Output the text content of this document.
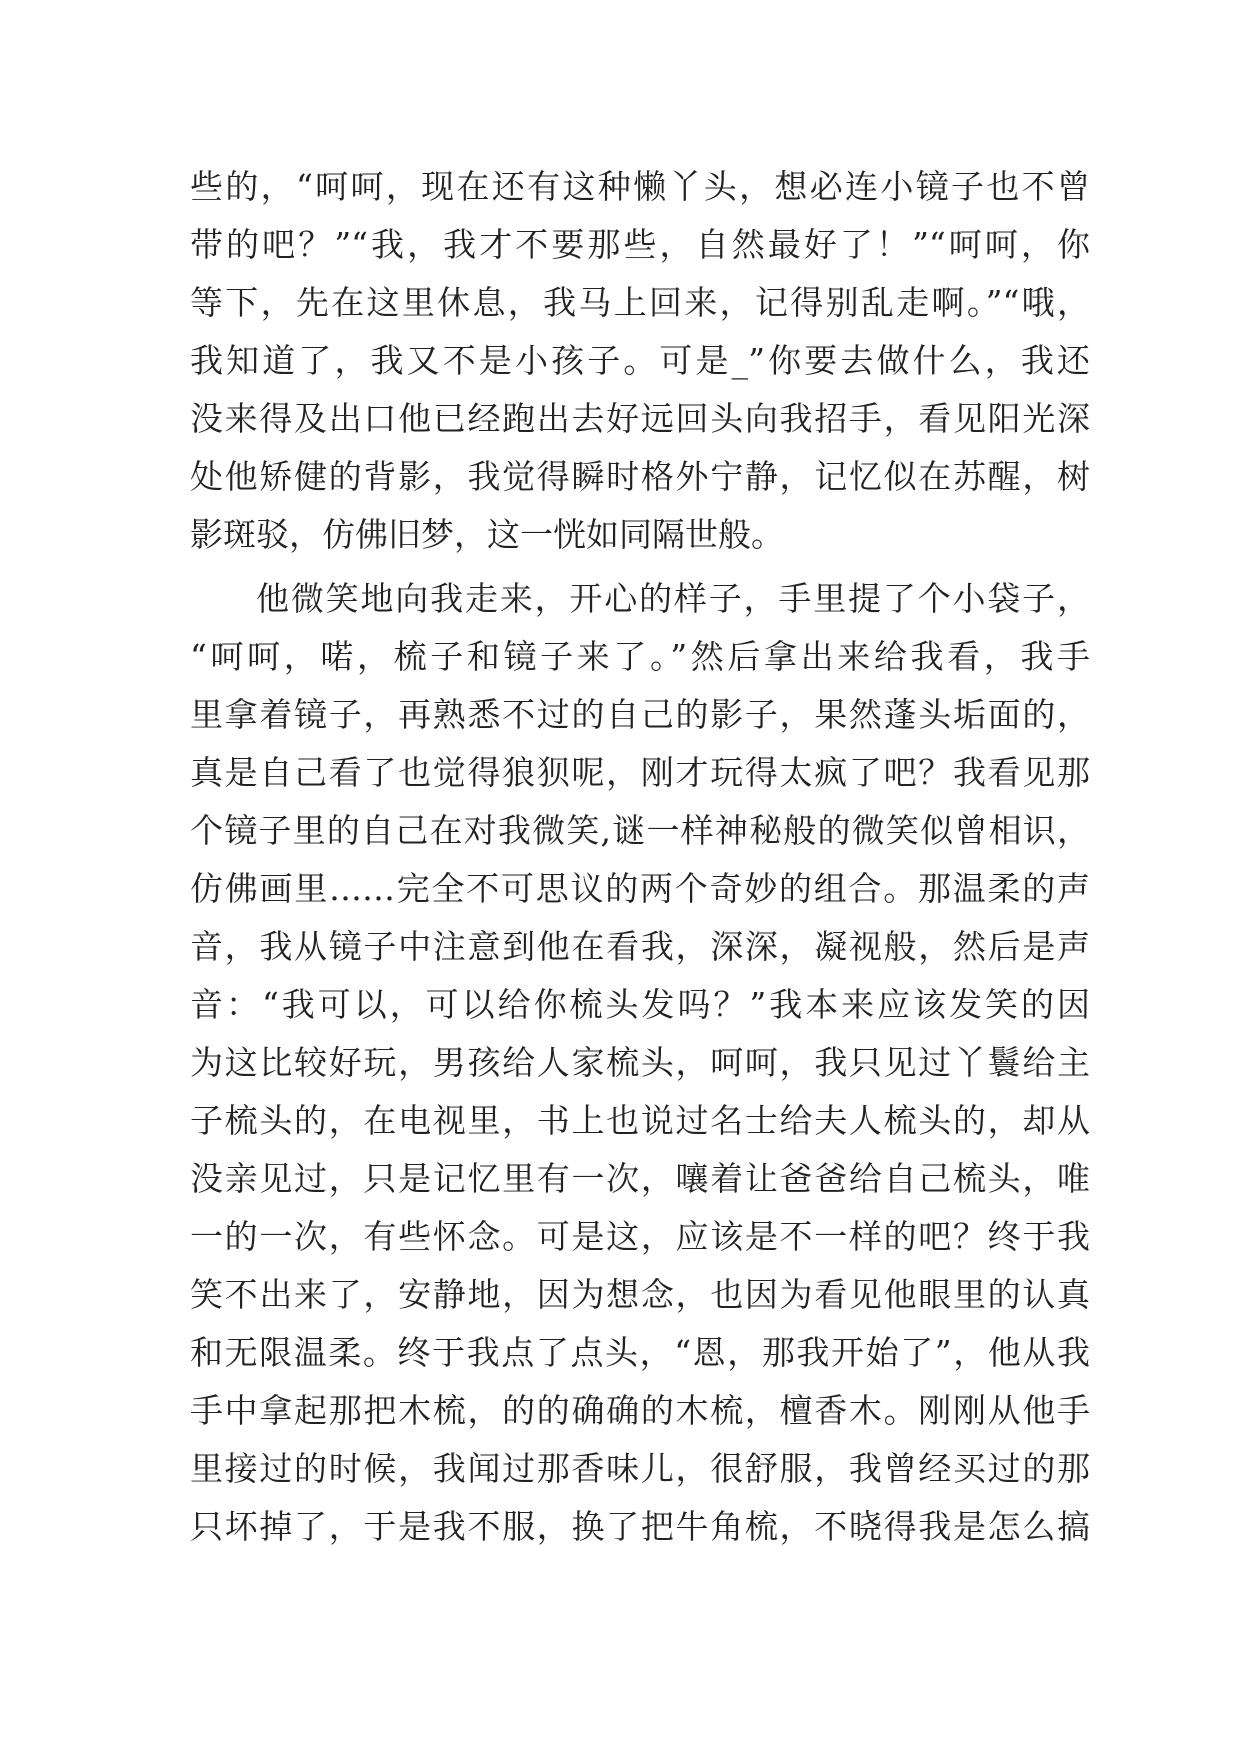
些的，“呵呵，现在还有这种懒丫头，想必连小镜子也不曾
带的吧？”“我，我才不要那些，自然最好了！”“呵呵，你
等下，先在这里休息，我马上回来，记得别乱走啊。”“哦，
我知道了，我又不是小孩子。可是_”你要去做什么，我还
没来得及出口他已经跑出去好远回头向我招手，看见阳光深
处他矫健的背影，我觉得瞬时格外宁静，记忆似在苏醒，树
影斑驳，仿佛旧梦，这一恍如同隔世般。
他微笑地向我走来，开心的样子，手里提了个小袋子，
“呵呵，喏，梳子和镜子来了。”然后拿出来给我看，我手
里拿着镜子，再熟悉不过的自己的影子，果然蓬头垢面的，
真是自己看了也觉得狼狈呢，刚才玩得太疯了吧？我看见那
个镜子里的自己在对我微笑,谜一样神秘般的微笑似曾相识，
仿佛画里……完全不可思议的两个奇妙的组合。那温柔的声
音，我从镜子中注意到他在看我，深深，凝视般，然后是声
音：“我可以，可以给你梳头发吗？”我本来应该发笑的因
为这比较好玩，男孩给人家梳头，呵呵，我只见过丫鬟给主
子梳头的，在电视里，书上也说过名士给夫人梳头的，却从
没亲见过，只是记忆里有一次，嚷着让爸爸给自己梳头，唯
一的一次，有些怀念。可是这，应该是不一样的吧？终于我
笑不出来了，安静地，因为想念，也因为看见他眼里的认真
和无限温柔。终于我点了点头，“恩，那我开始了”，他从我
手中拿起那把木梳，的的确确的木梳，檀香木。刚刚从他手
里接过的时候，我闻过那香味儿，很舒服，我曾经买过的那
只坏掉了，于是我不服，换了把牛角梳，不晓得我是怎么搞
